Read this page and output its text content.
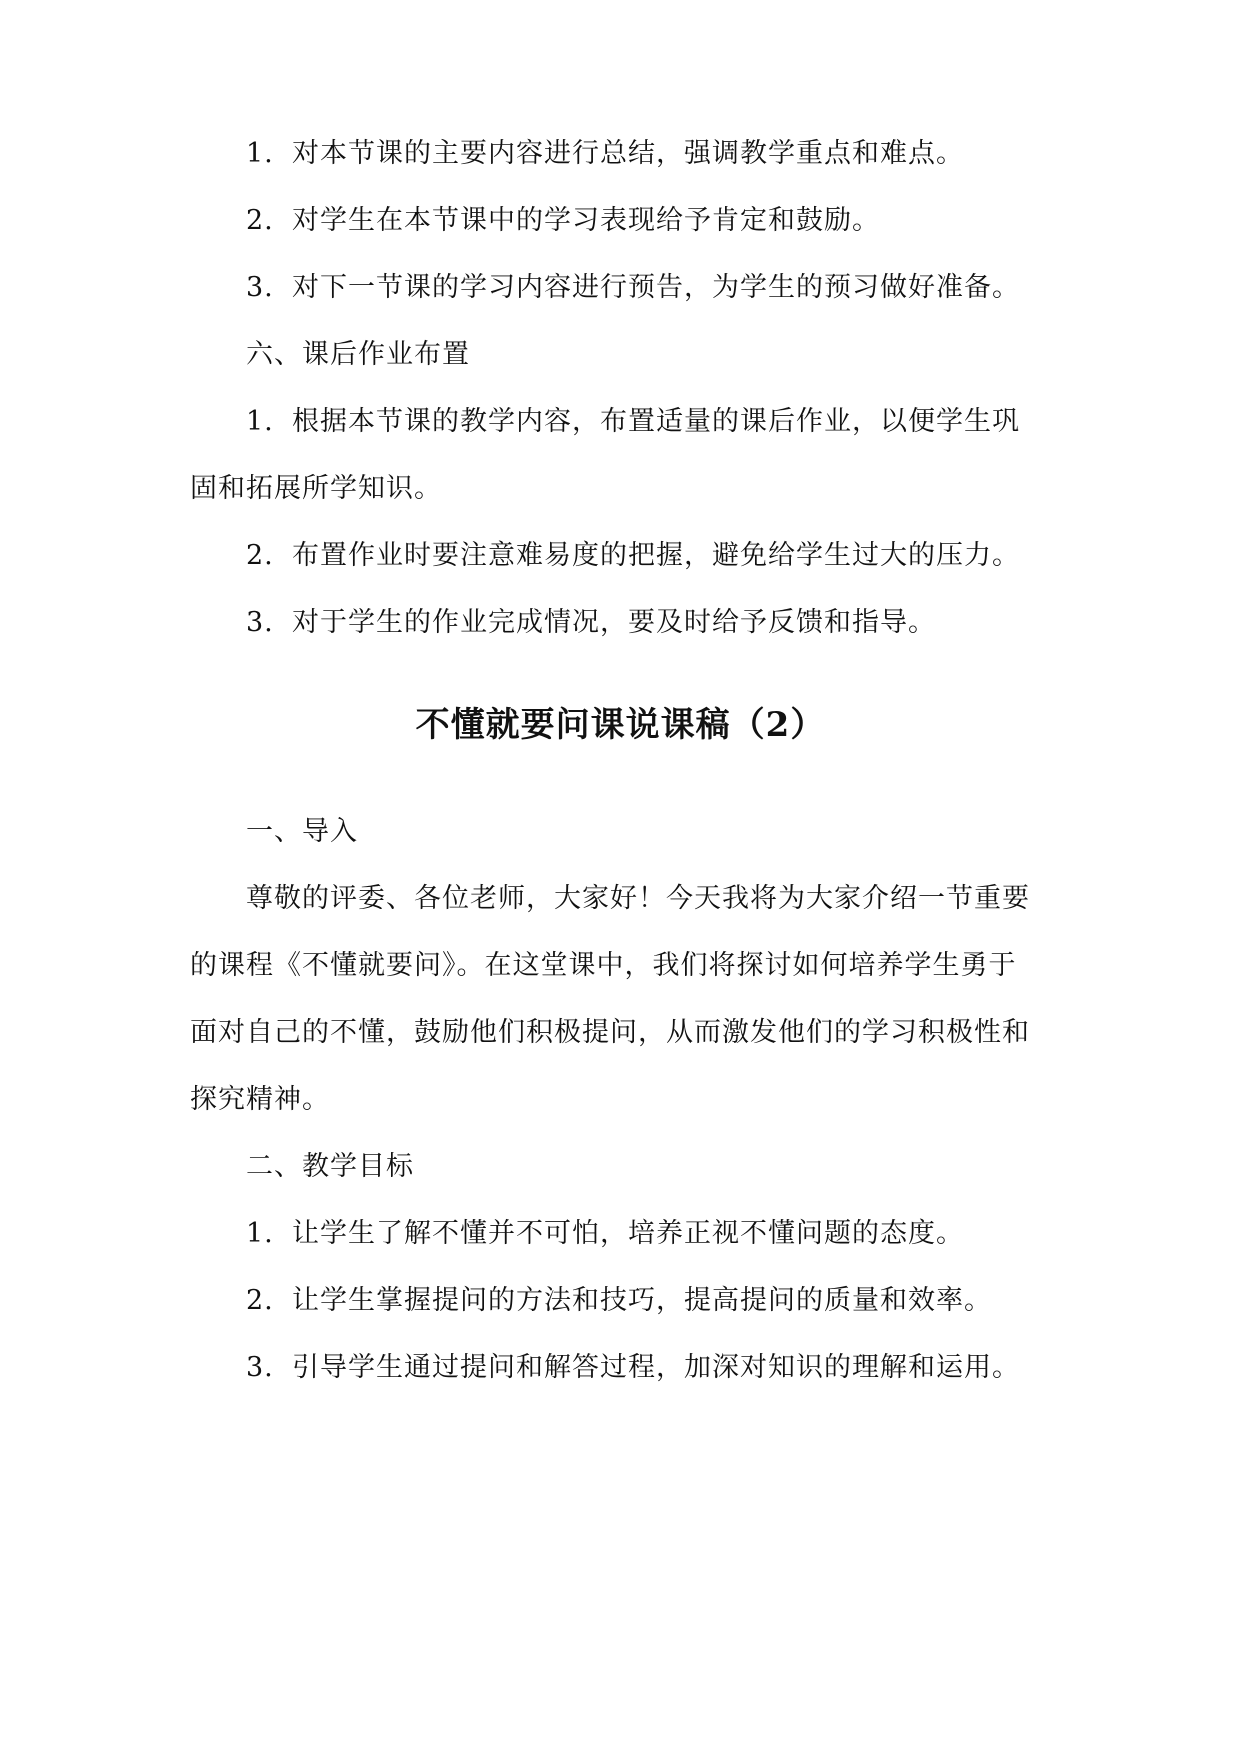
1. 对本节课的主要内容进行总结，强调教学重点和难点。
2. 对学生在本节课中的学习表现给予肯定和鼓励。
3. 对下一节课的学习内容进行预告，为学生的预习做好准备。
六、课后作业布置
1. 根据本节课的教学内容，布置适量的课后作业，以便学生巩
固和拓展所学知识。
2. 布置作业时要注意难易度的把握，避免给学生过大的压力。
3. 对于学生的作业完成情况，要及时给予反馈和指导。
不懂就要问课说课稿（2）
一、导入
尊敬的评委、各位老师，大家好！今天我将为大家介绍一节重要
的课程《不懂就要问》。在这堂课中，我们将探讨如何培养学生勇于
面对自己的不懂，鼓励他们积极提问，从而激发他们的学习积极性和
探究精神。
二、教学目标
1. 让学生了解不懂并不可怕，培养正视不懂问题的态度。
2. 让学生掌握提问的方法和技巧，提高提问的质量和效率。
3. 引导学生通过提问和解答过程，加深对知识的理解和运用。
